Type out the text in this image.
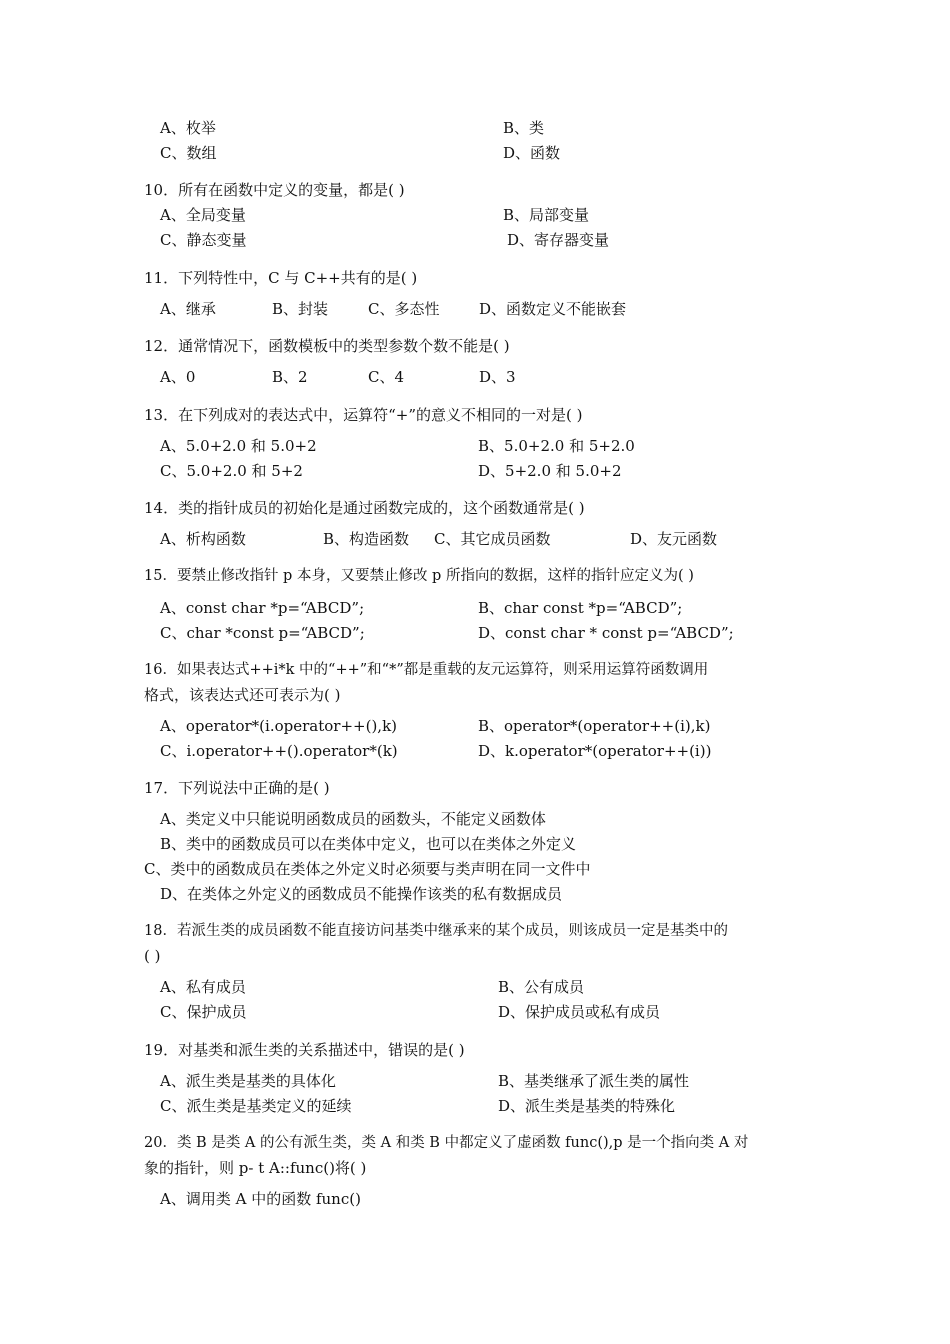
A、枚举	B、类
C、数组	D、函数
10．所有在函数中定义的变量，都是( )
A、全局变量	B、局部变量
C、静态变量	D、寄存器变量
11．下列特性中，C 与 C++共有的是( )
A、继承	B、封装	C、多态性	D、函数定义不能嵌套
12．通常情况下，函数模板中的类型参数个数不能是( )
A、0	B、2	C、4	D、3
13．在下列成对的表达式中，运算符“+”的意义不相同的一对是( )
A、5.0+2.0 和 5.0+2	B、5.0+2.0 和 5+2.0
C、5.0+2.0 和 5+2	D、5+2.0 和 5.0+2
14．类的指针成员的初始化是通过函数完成的，这个函数通常是( )
A、析构函数	B、构造函数 C、其它成员函数	D、友元函数
15．要禁止修改指针 p 本身，又要禁止修改 p 所指向的数据，这样的指针应定义为( )
A、const char *p=“ABCD”;	B、char const *p=“ABCD”;
C、char *const p=“ABCD”;	D、const char * const p=“ABCD”;
16．如果表达式++i*k 中的“++”和“*”都是重载的友元运算符，则采用运算符函数调用
格式，该表达式还可表示为( )
A、operator*(i.operator++(),k)	B、operator*(operator++(i),k)
C、i.operator++().operator*(k)	D、k.operator*(operator++(i))
17．下列说法中正确的是( )
A、类定义中只能说明函数成员的函数头，不能定义函数体
B、类中的函数成员可以在类体中定义，也可以在类体之外定义
C、类中的函数成员在类体之外定义时必须要与类声明在同一文件中
D、在类体之外定义的函数成员不能操作该类的私有数据成员
18．若派生类的成员函数不能直接访问基类中继承来的某个成员，则该成员一定是基类中的
( )
A、私有成员	B、公有成员
C、保护成员	D、保护成员或私有成员
19．对基类和派生类的关系描述中，错误的是( )
A、派生类是基类的具体化	B、基类继承了派生类的属性
C、派生类是基类定义的延续	D、派生类是基类的特殊化
20．类 B 是类 A 的公有派生类，类 A 和类 B 中都定义了虚函数 func(),p 是一个指向类 A 对
象的指针，则 p- t A::func()将( )
A、调用类 A 中的函数 func()
